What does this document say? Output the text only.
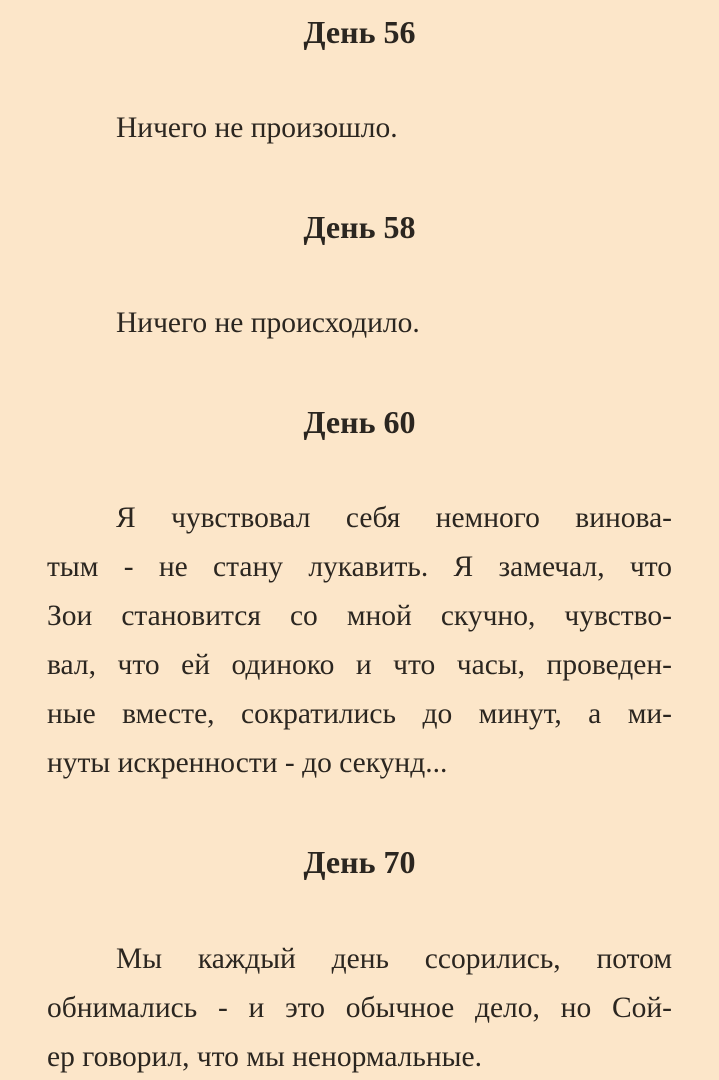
День 56

Ничего не произошло.

День 58

Ничего не происходило.

День 60

Я чувствовал себя немного винова-
тым - не стану лукавить. Я замечал, что
Зои становится со мной скучно, чувство-
вал, что ей одиноко и что часы, проведен-
ные вместе, сократились до минут, а ми-
нуты искренности - до секунд...

День 70

Мы каждый день ссорились, потом
обнимались - и это обычное дело, но Сой-
ер говорил, что мы ненормальные.
